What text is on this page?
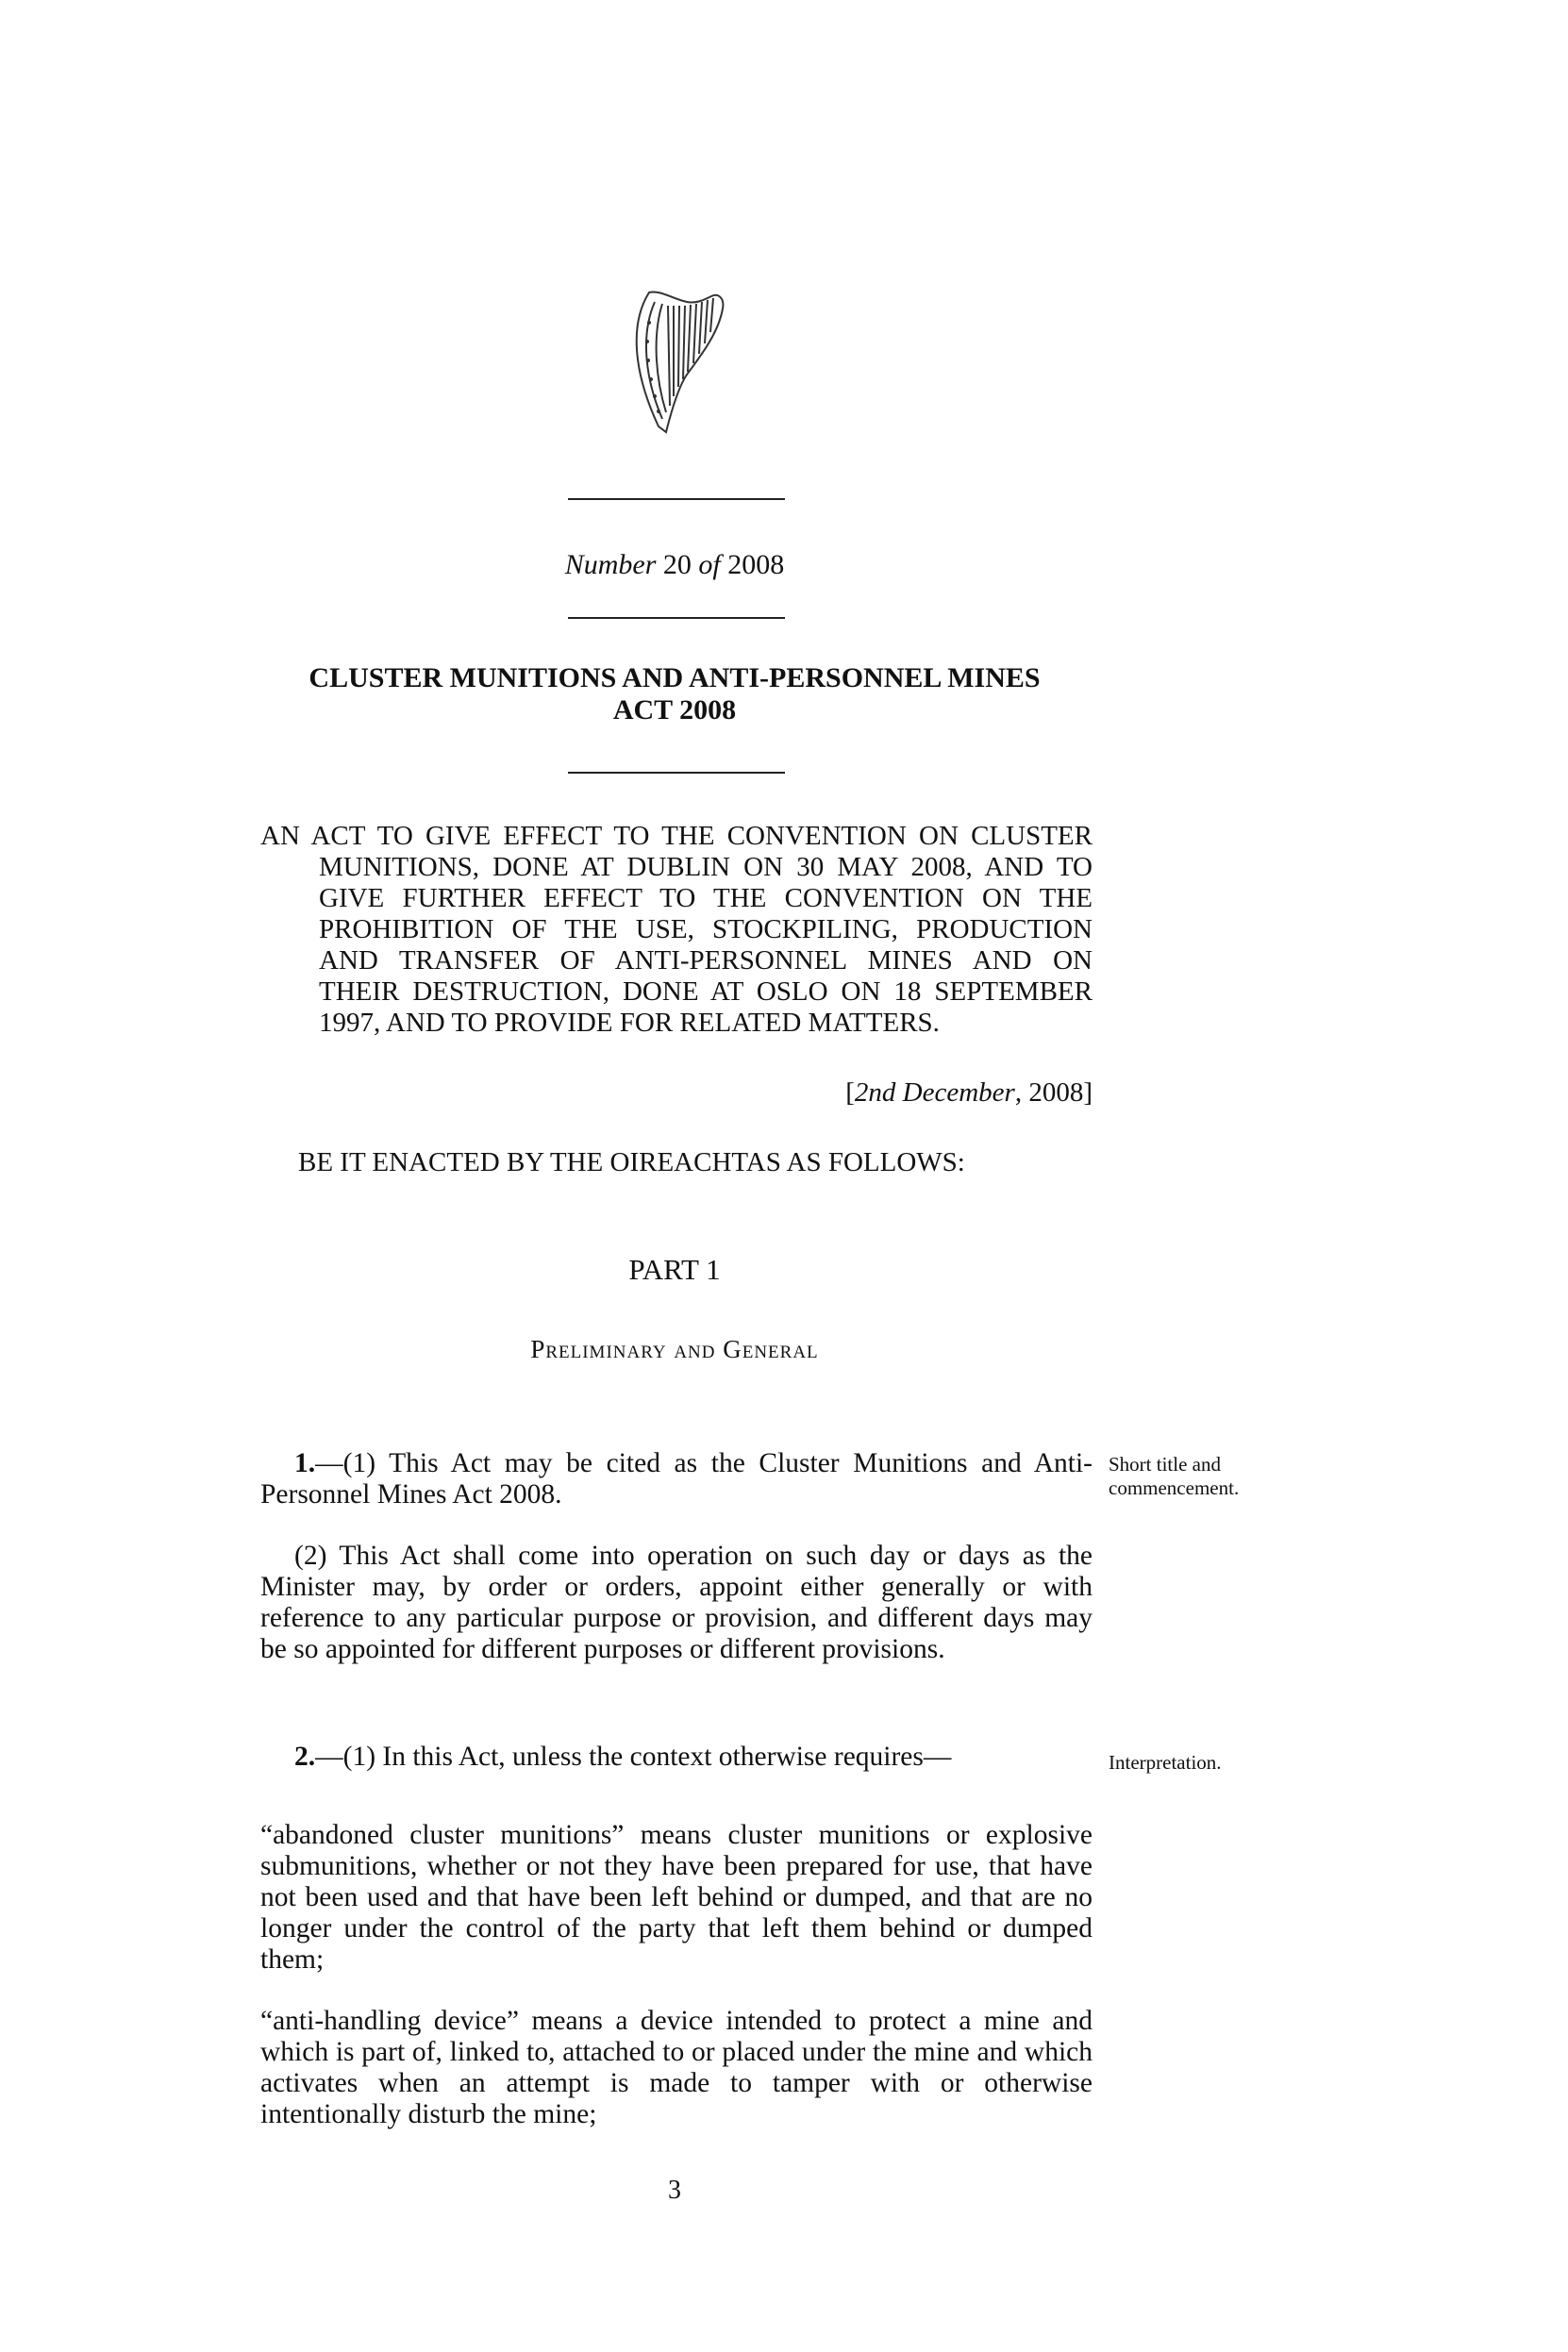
Number 20 of 2008
CLUSTER MUNITIONS AND ANTI-PERSONNEL MINES
ACT 2008
AN ACT TO GIVE EFFECT TO THE CONVENTION ON CLUSTER MUNITIONS, DONE AT DUBLIN ON 30 MAY 2008, AND TO GIVE FURTHER EFFECT TO THE CONVENTION ON THE PROHIBITION OF THE USE, STOCKPILING, PRODUCTION AND TRANSFER OF ANTI-PERSONNEL MINES AND ON THEIR DESTRUCTION, DONE AT OSLO ON 18 SEPTEMBER 1997, AND TO PROVIDE FOR RELATED MATTERS.
[2nd December, 2008]
BE IT ENACTED BY THE OIREACHTAS AS FOLLOWS:
PART 1
Preliminary and General
1.—(1) This Act may be cited as the Cluster Munitions and Anti-Personnel Mines Act 2008.
Short title and
commencement.
(2) This Act shall come into operation on such day or days as the Minister may, by order or orders, appoint either generally or with reference to any particular purpose or provision, and different days may be so appointed for different purposes or different provisions.
2.—(1) In this Act, unless the context otherwise requires—	Interpretation.
“abandoned cluster munitions” means cluster munitions or explosive submunitions, whether or not they have been prepared for use, that have not been used and that have been left behind or dumped, and that are no longer under the control of the party that left them behind or dumped them;
“anti-handling device” means a device intended to protect a mine and which is part of, linked to, attached to or placed under the mine and which activates when an attempt is made to tamper with or otherwise intentionally disturb the mine;
3
